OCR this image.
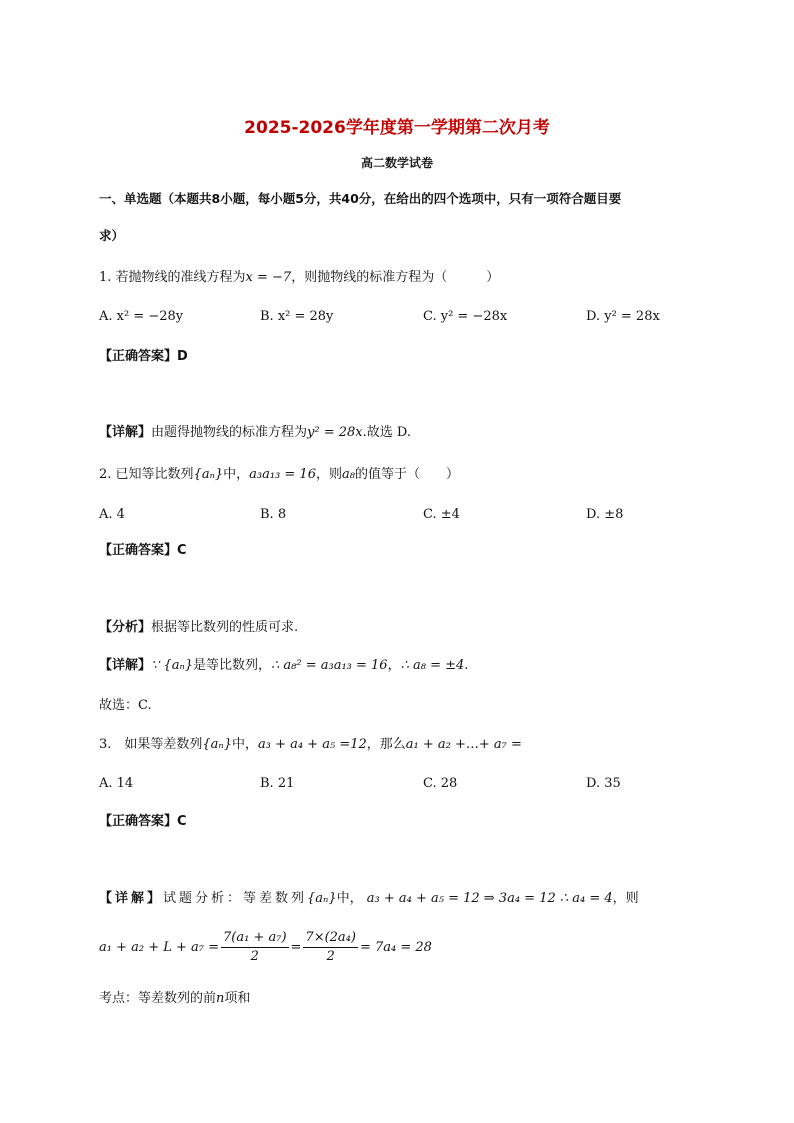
2025-2026学年度第一学期第二次月考
高二数学试卷
一、单选题（本题共8小题，每小题5分，共40分，在给出的四个选项中，只有一项符合题目要
求）
1. 若抛物线的准线方程为x = −7，则抛物线的标准方程为（　　　）
A. x² = −28y	B. x² = 28y	C. y² = −28x	D. y² = 28x
【正确答案】D
【详解】由题得抛物线的标准方程为y² = 28x.故选 D.
2. 已知等比数列{aₙ}中，a₃a₁₃ = 16，则a₈的值等于（　　）
A. 4	B. 8	C. ±4	D. ±8
【正确答案】C
【分析】根据等比数列的性质可求.
【详解】∵ {aₙ}是等比数列，∴ a₈² = a₃a₁₃ = 16，∴ a₈ = ±4.
故选：C.
3.　如果等差数列{aₙ}中，a₃ + a₄ + a₅ =12，那么a₁ + a₂ +…+ a₇ =
A. 14	B. 21	C. 28	D. 35
【正确答案】C
【详解】试题分析：等差数列{aₙ}中， a₃ + a₄ + a₅ = 12 ⇒ 3a₄ = 12 ∴ a₄ = 4，则
$a_1 + a_2 + L + a_7 = \frac{\text{7(a₁ + a₇)}}{2} = \frac{\text{7×(2a₄)}}{2} = 7a_4 = 28$
考点：等差数列的前n项和
